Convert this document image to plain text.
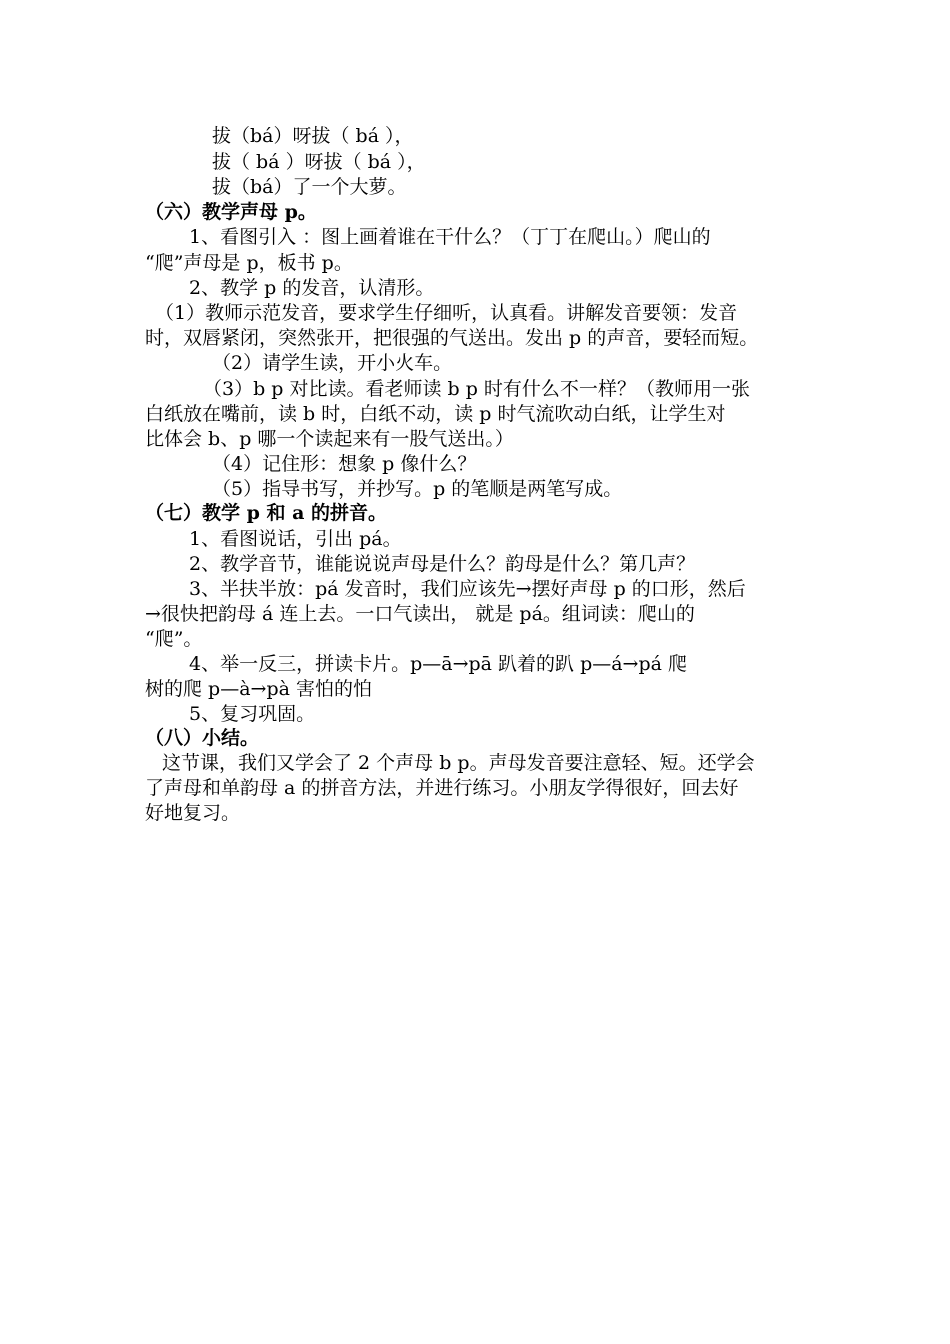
拔（bá）呀拔（ bá ），
拔（ bá ）呀拔（ bá ），
拔（bá）了一个大萝。
（六）教学声母 p。
1、看图引入 ：图上画着谁在干什么？（丁丁在爬山。）爬山的
“爬”声母是 p，板书 p。
2、教学 p 的发音，认清形。
（1）教师示范发音，要求学生仔细听，认真看。讲解发音要领：发音
时，双唇紧闭，突然张开，把很强的气送出。发出 p 的声音，要轻而短。
（2）请学生读，开小火车。
（3）b p 对比读。看老师读 b p 时有什么不一样？（教师用一张
白纸放在嘴前，读 b 时，白纸不动，读 p 时气流吹动白纸，让学生对
比体会 b、p 哪一个读起来有一股气送出。）
（4）记住形：想象 p 像什么？
（5）指导书写，并抄写。p 的笔顺是两笔写成。
（七）教学 p 和 a 的拼音。
1、看图说话，引出 pá。
2、教学音节，谁能说说声母是什么？韵母是什么？第几声？
3、半扶半放：pá 发音时，我们应该先→摆好声母 p 的口形，然后
→很快把韵母 á 连上去。一口气读出， 就是 pá。组词读：爬山的
“爬”。
4、举一反三，拼读卡片。p—ā→pā 趴着的趴 p—á→pá 爬
树的爬 p—à→pà 害怕的怕
5、复习巩固。
（八）小结。
这节课，我们又学会了 2 个声母 b p。声母发音要注意轻、短。还学会
了声母和单韵母 a 的拼音方法，并进行练习。小朋友学得很好，回去好
好地复习。
